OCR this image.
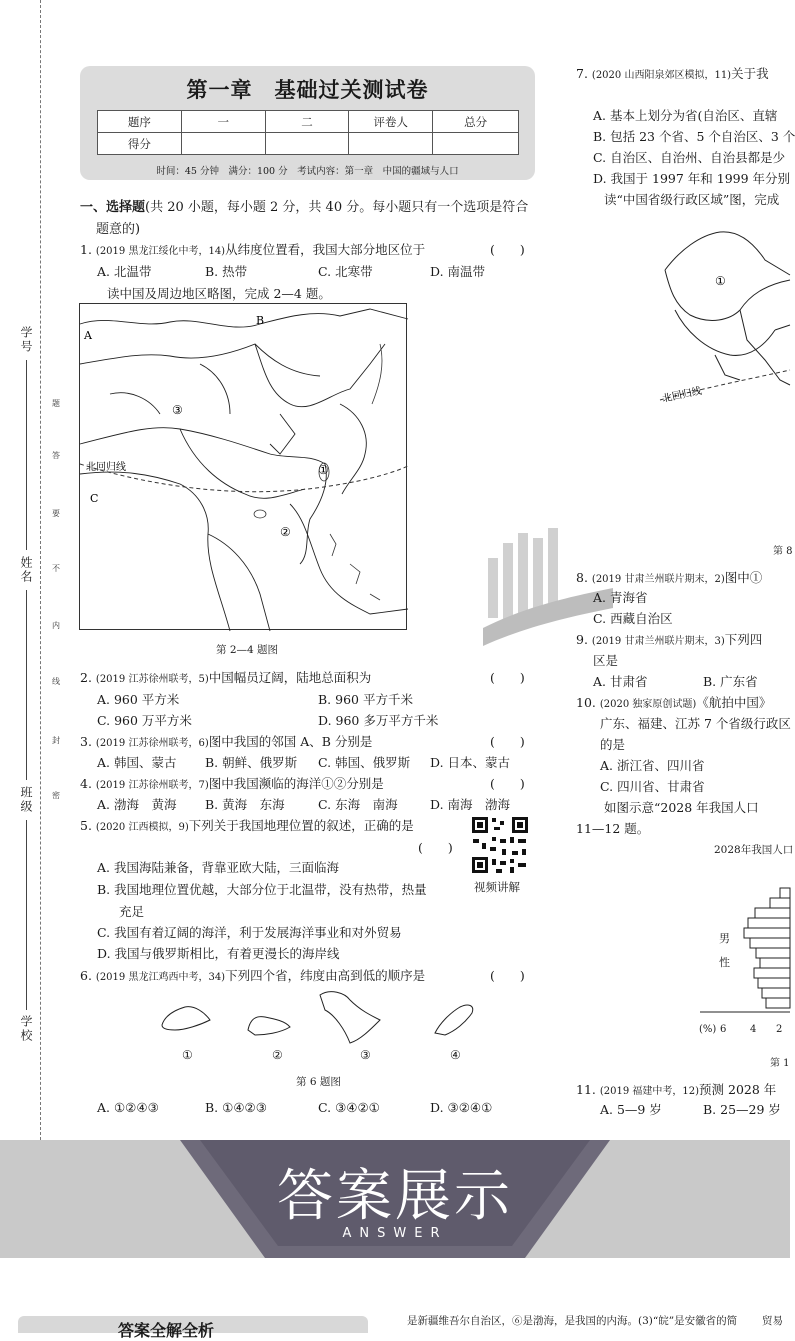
学号
姓名
班级
学校
题
答
要
不
内
线
封
密
第一章　基础过关测试卷
题序	一	二	评卷人	总分
得分				
时间：45 分钟　满分：100 分　考试内容：第一章　中国的疆域与人口
一、选择题(共 20 小题，每小题 2 分，共 40 分。每小题只有一个选项是符合
题意的)
1. (2019 黑龙江绥化中考，14)从纬度位置看，我国大部分地区位于	(　　)
A. 北温带	B. 热带	C. 北寒带	D. 南温带
读中国及周边地区略图，完成 2—4 题。
B
A
C
③
①
②
北回归线
第 2—4 题图
2. (2019 江苏徐州联考，5)中国幅员辽阔，陆地总面积为	(　　)
A. 960 平方米	B. 960 平方千米
C. 960 万平方米	D. 960 多万平方千米
3. (2019 江苏徐州联考，6)图中我国的邻国 A、B 分别是	(　　)
A. 韩国、蒙古 B. 朝鲜、俄罗斯 C. 韩国、俄罗斯 D. 日本、蒙古
4. (2019 江苏徐州联考，7)图中我国濒临的海洋①②分别是	(　　)
A. 渤海　黄海 B. 黄海　东海	C. 东海　南海	D. 南海　渤海
5. (2020 江西模拟，9)下列关于我国地理位置的叙述，正确的是
(　　)
视频讲解
A. 我国海陆兼备，背靠亚欧大陆，三面临海
B. 我国地理位置优越，大部分位于北温带，没有热带，热量
充足
C. 我国有着辽阔的海洋，利于发展海洋事业和对外贸易
D. 我国与俄罗斯相比，有着更漫长的海岸线
6. (2019 黑龙江鸡西中考，34)下列四个省，纬度由高到低的顺序是	(　　)
①	②	③	④
第 6 题图
A. ①②④③	B. ①④②③	C. ③④②①	D. ③②④①
7. (2020 山西阳泉郊区模拟，11)关于我
A. 基本上划分为省(自治区、直辖
B. 包括 23 个省、5 个自治区、3 个
C. 自治区、自治州、自治县都是少
D. 我国于 1997 年和 1999 年分别
读“中国省级行政区域”图，完成
①
北回归线
第 8
8. (2019 甘肃兰州联片期末，2)图中①
A. 青海省
C. 西藏自治区
9. (2019 甘肃兰州联片期末，3)下列四
区是
A. 甘肃省	B. 广东省
10. (2020 独家原创试题)《航拍中国》
广东、福建、江苏 7 个省级行政区
的是
A. 浙江省、四川省
C. 四川省、甘肃省
如图示意“2028 年我国人口
11—12 题。
2028年我国人口
男
性
(%) 6 4 2
第 1
11. (2019 福建中考，12)预测 2028 年
A. 5—9 岁	B. 25—29 岁
答案展示
ANSWER
答案全解全析	是新疆维吾尔自治区，⑥是渤海，是我国的内海。(3)“皖”是安徽省的简 贸易
